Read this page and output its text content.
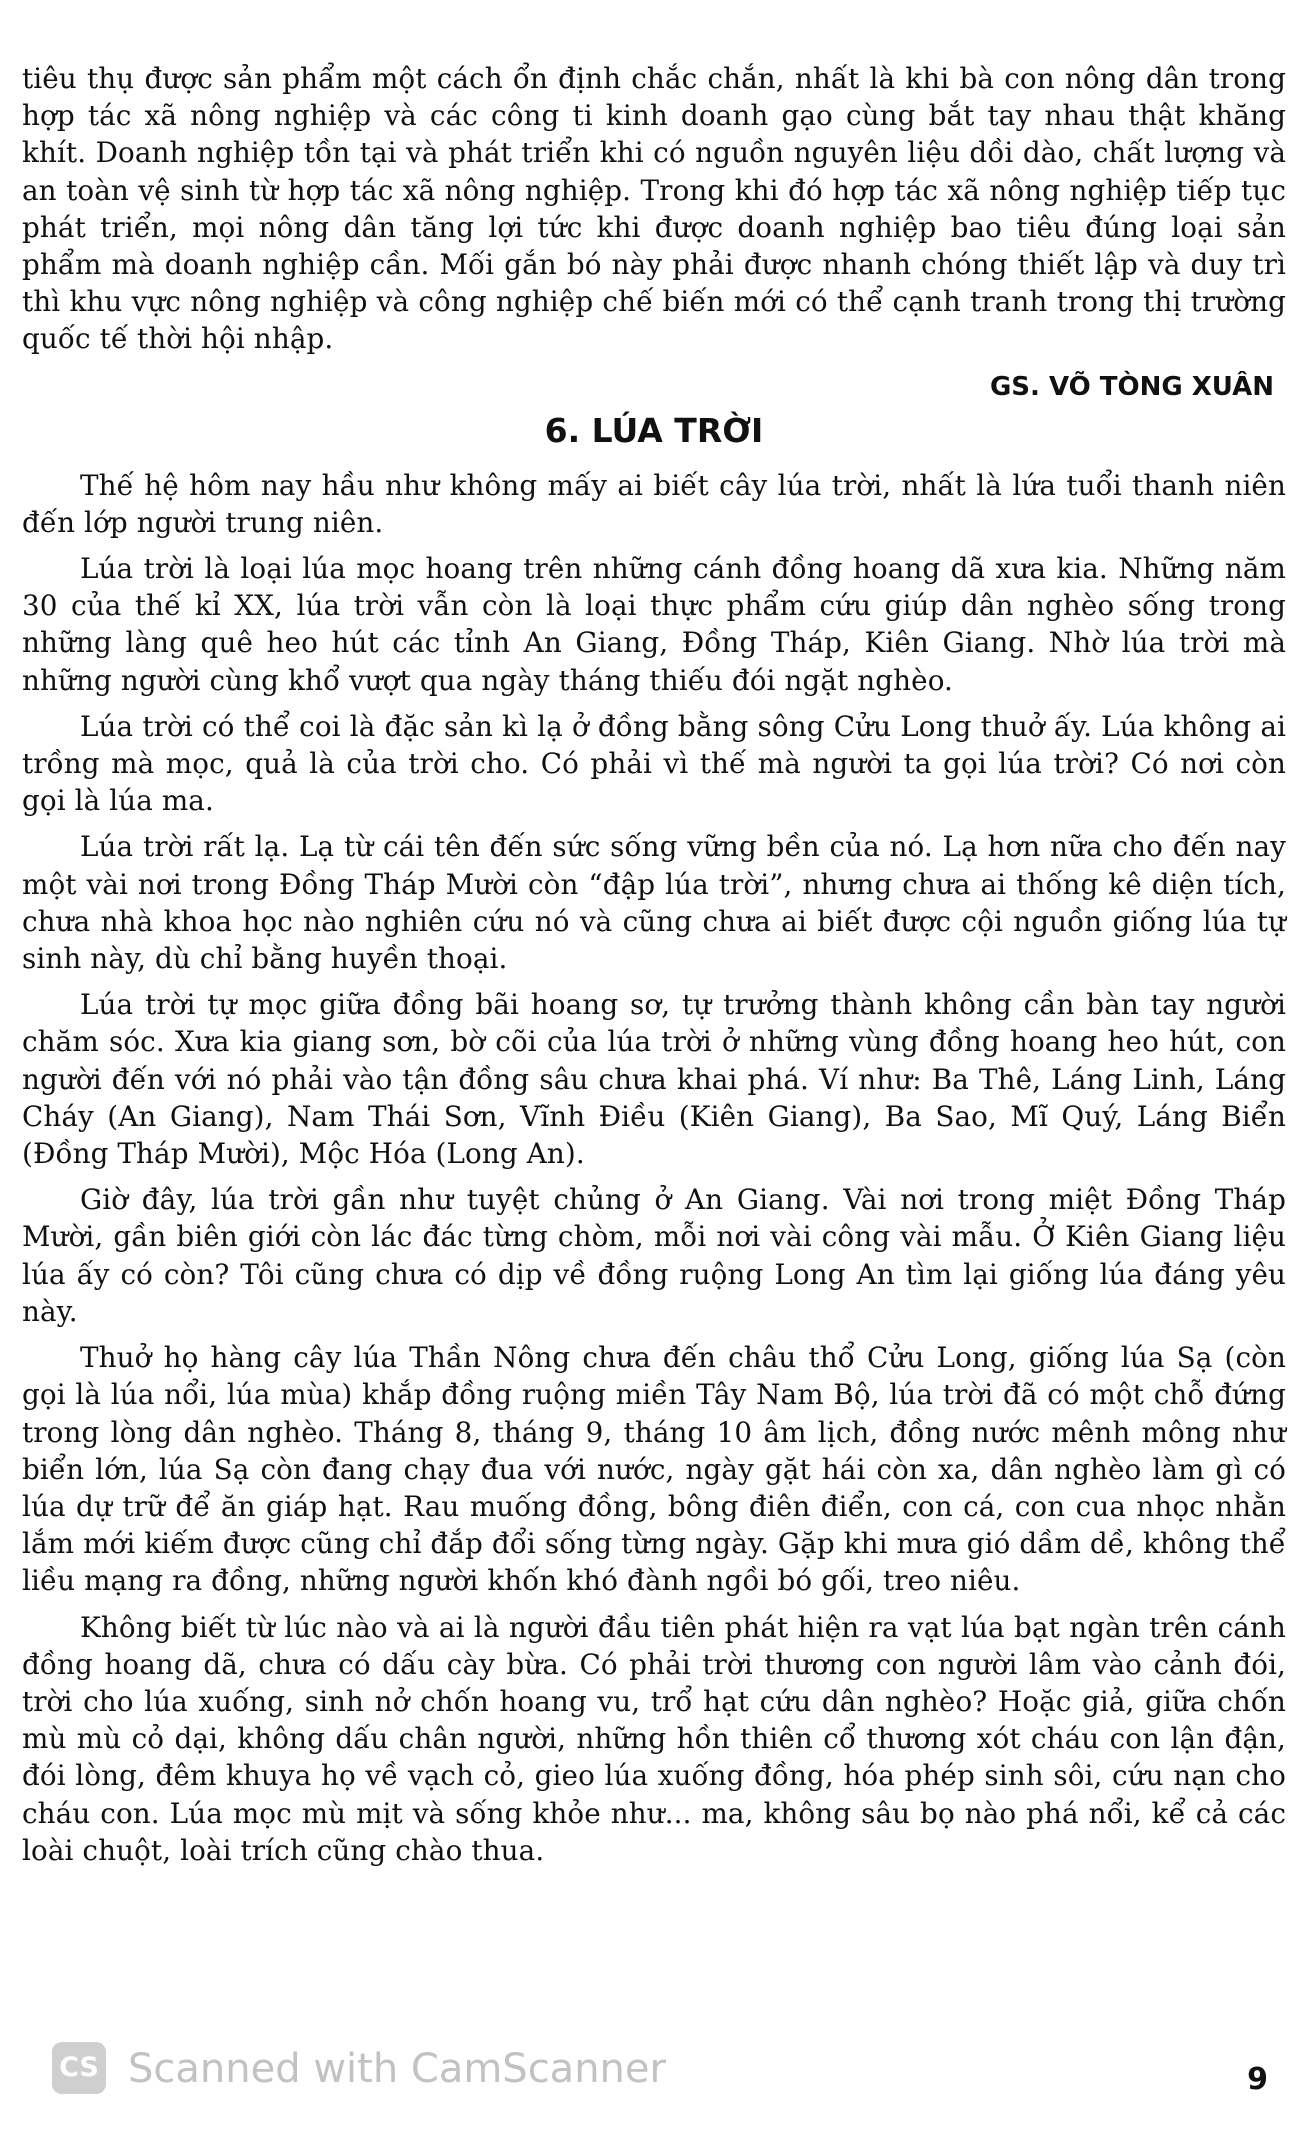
tiêu thụ được sản phẩm một cách ổn định chắc chắn, nhất là khi bà con nông dân trong hợp tác xã nông nghiệp và các công ti kinh doanh gạo cùng bắt tay nhau thật khăng khít. Doanh nghiệp tồn tại và phát triển khi có nguồn nguyên liệu dồi dào, chất lượng và an toàn vệ sinh từ hợp tác xã nông nghiệp. Trong khi đó hợp tác xã nông nghiệp tiếp tục phát triển, mọi nông dân tăng lợi tức khi được doanh nghiệp bao tiêu đúng loại sản phẩm mà doanh nghiệp cần. Mối gắn bó này phải được nhanh chóng thiết lập và duy trì thì khu vực nông nghiệp và công nghiệp chế biến mới có thể cạnh tranh trong thị trường quốc tế thời hội nhập.

GS. VÕ TÒNG XUÂN
6. LÚA TRỜI

Thế hệ hôm nay hầu như không mấy ai biết cây lúa trời, nhất là lứa tuổi thanh niên đến lớp người trung niên.

Lúa trời là loại lúa mọc hoang trên những cánh đồng hoang dã xưa kia. Những năm 30 của thế kỉ XX, lúa trời vẫn còn là loại thực phẩm cứu giúp dân nghèo sống trong những làng quê heo hút các tỉnh An Giang, Đồng Tháp, Kiên Giang. Nhờ lúa trời mà những người cùng khổ vượt qua ngày tháng thiếu đói ngặt nghèo.

Lúa trời có thể coi là đặc sản kì lạ ở đồng bằng sông Cửu Long thuở ấy. Lúa không ai trồng mà mọc, quả là của trời cho. Có phải vì thế mà người ta gọi lúa trời? Có nơi còn gọi là lúa ma.

Lúa trời rất lạ. Lạ từ cái tên đến sức sống vững bền của nó. Lạ hơn nữa cho đến nay một vài nơi trong Đồng Tháp Mười còn “đập lúa trời”, nhưng chưa ai thống kê diện tích, chưa nhà khoa học nào nghiên cứu nó và cũng chưa ai biết được cội nguồn giống lúa tự sinh này, dù chỉ bằng huyền thoại.

Lúa trời tự mọc giữa đồng bãi hoang sơ, tự trưởng thành không cần bàn tay người chăm sóc. Xưa kia giang sơn, bờ cõi của lúa trời ở những vùng đồng hoang heo hút, con người đến với nó phải vào tận đồng sâu chưa khai phá. Ví như: Ba Thê, Láng Linh, Láng Cháy (An Giang), Nam Thái Sơn, Vĩnh Điều (Kiên Giang), Ba Sao, Mĩ Quý, Láng Biển (Đồng Tháp Mười), Mộc Hóa (Long An).

Giờ đây, lúa trời gần như tuyệt chủng ở An Giang. Vài nơi trong miệt Đồng Tháp Mười, gần biên giới còn lác đác từng chòm, mỗi nơi vài công vài mẫu. Ở Kiên Giang liệu lúa ấy có còn? Tôi cũng chưa có dịp về đồng ruộng Long An tìm lại giống lúa đáng yêu này.

Thuở họ hàng cây lúa Thần Nông chưa đến châu thổ Cửu Long, giống lúa Sạ (còn gọi là lúa nổi, lúa mùa) khắp đồng ruộng miền Tây Nam Bộ, lúa trời đã có một chỗ đứng trong lòng dân nghèo. Tháng 8, tháng 9, tháng 10 âm lịch, đồng nước mênh mông như biển lớn, lúa Sạ còn đang chạy đua với nước, ngày gặt hái còn xa, dân nghèo làm gì có lúa dự trữ để ăn giáp hạt. Rau muống đồng, bông điên điển, con cá, con cua nhọc nhằn lắm mới kiếm được cũng chỉ đắp đổi sống từng ngày. Gặp khi mưa gió dầm dề, không thể liều mạng ra đồng, những người khốn khó đành ngồi bó gối, treo niêu.

Không biết từ lúc nào và ai là người đầu tiên phát hiện ra vạt lúa bạt ngàn trên cánh đồng hoang dã, chưa có dấu cày bừa. Có phải trời thương con người lâm vào cảnh đói, trời cho lúa xuống, sinh nở chốn hoang vu, trổ hạt cứu dân nghèo? Hoặc giả, giữa chốn mù mù cỏ dại, không dấu chân người, những hồn thiên cổ thương xót cháu con lận đận, đói lòng, đêm khuya họ về vạch cỏ, gieo lúa xuống đồng, hóa phép sinh sôi, cứu nạn cho cháu con. Lúa mọc mù mịt và sống khỏe như... ma, không sâu bọ nào phá nổi, kể cả các loài chuột, loài trích cũng chào thua.

CS Scanned with CamScanner	9
